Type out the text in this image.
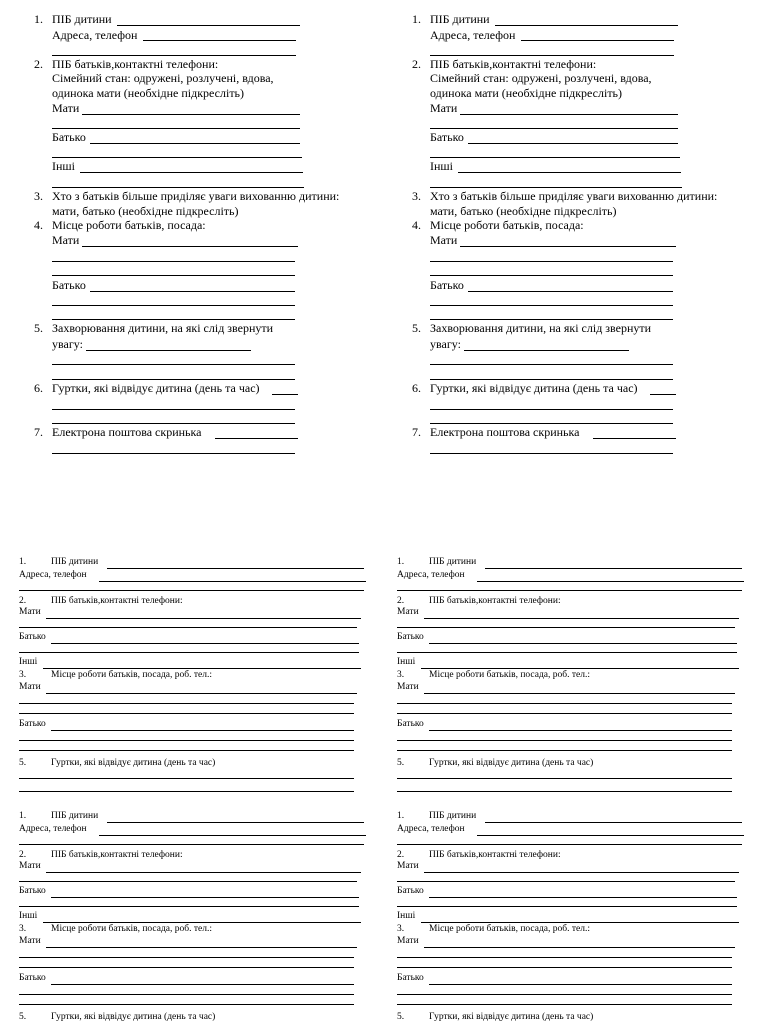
1. ПІБ дитини
Адреса, телефон
2. ПІБ батьків,контактні телефони:
Сімейний стан: одружені, розлучені, вдова,
одинока мати (необхідне підкресліть)
Мати
Батько
Інші
3. Хто з батьків більше приділяє уваги вихованню дитини:
мати, батько (необхідне підкресліть)
4. Місце роботи батьків, посада:
Мати
Батько
5. Захворювання дитини, на які слід звернути
увагу:
6. Гуртки, які відвідує дитина (день та час)
7. Електрона поштова скринька
1. ПІБ дитини
Адреса, телефон
2. ПІБ батьків,контактні телефони:
Сімейний стан: одружені, розлучені, вдова,
одинока мати (необхідне підкресліть)
Мати
Батько
Інші
3. Хто з батьків більше приділяє уваги вихованню дитини:
мати, батько (необхідне підкресліть)
4. Місце роботи батьків, посада:
Мати
Батько
5. Захворювання дитини, на які слід звернути
увагу:
6. Гуртки, які відвідує дитина (день та час)
7. Електрона поштова скринька
1.	ПІБ дитини
Адреса, телефон
2.	ПІБ батьків,контактні телефони:
Мати
Батько
Інші
3.	Місце роботи батьків, посада, роб. тел.:
Мати
Батько
5.	Гуртки, які відвідує дитина (день та час)
1.	ПІБ дитини
Адреса, телефон
2.	ПІБ батьків,контактні телефони:
Мати
Батько
Інші
3.	Місце роботи батьків, посада, роб. тел.:
Мати
Батько
5.	Гуртки, які відвідує дитина (день та час)
1.	ПІБ дитини
Адреса, телефон
2.	ПІБ батьків,контактні телефони:
Мати
Батько
Інші
3.	Місце роботи батьків, посада, роб. тел.:
Мати
Батько
5.	Гуртки, які відвідує дитина (день та час)
1.	ПІБ дитини
Адреса, телефон
2.	ПІБ батьків,контактні телефони:
Мати
Батько
Інші
3.	Місце роботи батьків, посада, роб. тел.:
Мати
Батько
5.	Гуртки, які відвідує дитина (день та час)
